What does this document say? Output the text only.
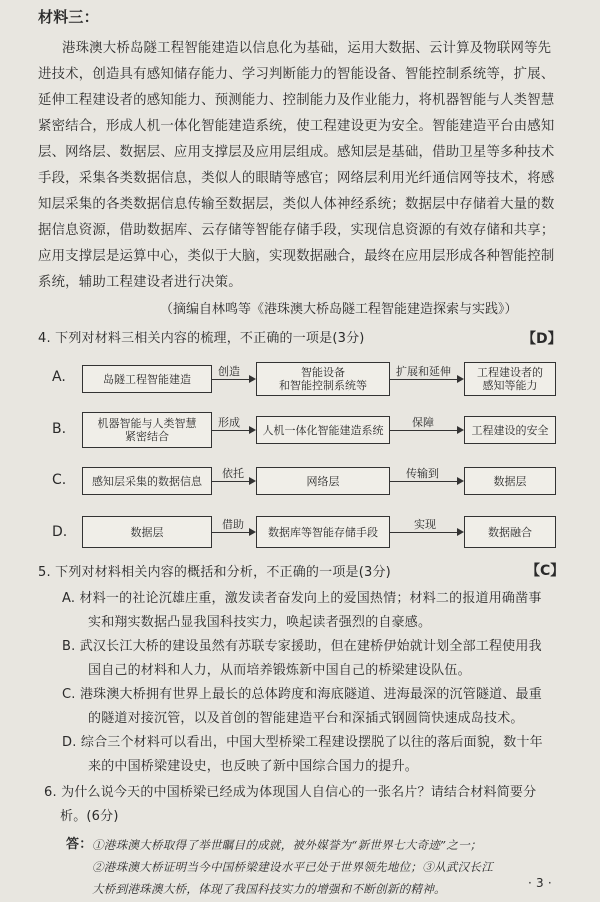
材料三：
港珠澳大桥岛隧工程智能建造以信息化为基础，运用大数据、云计算及物联网等先
进技术，创造具有感知储存能力、学习判断能力的智能设备、智能控制系统等，扩展、
延伸工程建设者的感知能力、预测能力、控制能力及作业能力，将机器智能与人类智慧
紧密结合，形成人机一体化智能建造系统，使工程建设更为安全。智能建造平台由感知
层、网络层、数据层、应用支撑层及应用层组成。感知层是基础，借助卫星等多种技术
手段，采集各类数据信息，类似人的眼睛等感官；网络层利用光纤通信网等技术，将感
知层采集的各类数据信息传输至数据层，类似人体神经系统；数据层中存储着大量的数
据信息资源，借助数据库、云存储等智能存储手段，实现信息资源的有效存储和共享；
应用支撑层是运算中心，类似于大脑，实现数据融合，最终在应用层形成各种智能控制
系统，辅助工程建设者进行决策。
（摘编自林鸣等《港珠澳大桥岛隧工程智能建造探索与实践》）
4. 下列对材料三相关内容的梳理，不正确的一项是(3分)	【D】
A.	岛隧工程智能建造
创造	智能设备
和智能控制系统等
扩展和延伸 工程建设者的
感知等能力
B.	机器智能与人类智慧
紧密结合
形成
人机一体化智能建造系统
保障
工程建设的安全
C.	感知层采集的数据信息
依托
网络层
传输到
数据层
D.	数据层
借助
数据库等智能存储手段
实现
数据融合
5. 下列对材料相关内容的概括和分析，不正确的一项是(3分)	【C】
A. 材料一的社论沉雄庄重，激发读者奋发向上的爱国热情；材料二的报道用确凿事
实和翔实数据凸显我国科技实力，唤起读者强烈的自豪感。
B. 武汉长江大桥的建设虽然有苏联专家援助，但在建桥伊始就计划全部工程使用我
国自己的材料和人力，从而培养锻炼新中国自己的桥梁建设队伍。
C. 港珠澳大桥拥有世界上最长的总体跨度和海底隧道、进海最深的沉管隧道、最重
的隧道对接沉管，以及首创的智能建造平台和深插式钢圆筒快速成岛技术。
D. 综合三个材料可以看出，中国大型桥梁工程建设摆脱了以往的落后面貌，数十年
来的中国桥梁建设史，也反映了新中国综合国力的提升。
6. 为什么说今天的中国桥梁已经成为体现国人自信心的一张名片？请结合材料简要分
析。(6分)
答： ①港珠澳大桥取得了举世瞩目的成就，被外媒誉为“新世界七大奇迹”之一；
②港珠澳大桥证明当今中国桥梁建设水平已处于世界领先地位；③从武汉长江
大桥到港珠澳大桥，体现了我国科技实力的增强和不断创新的精神。	· 3 ·
